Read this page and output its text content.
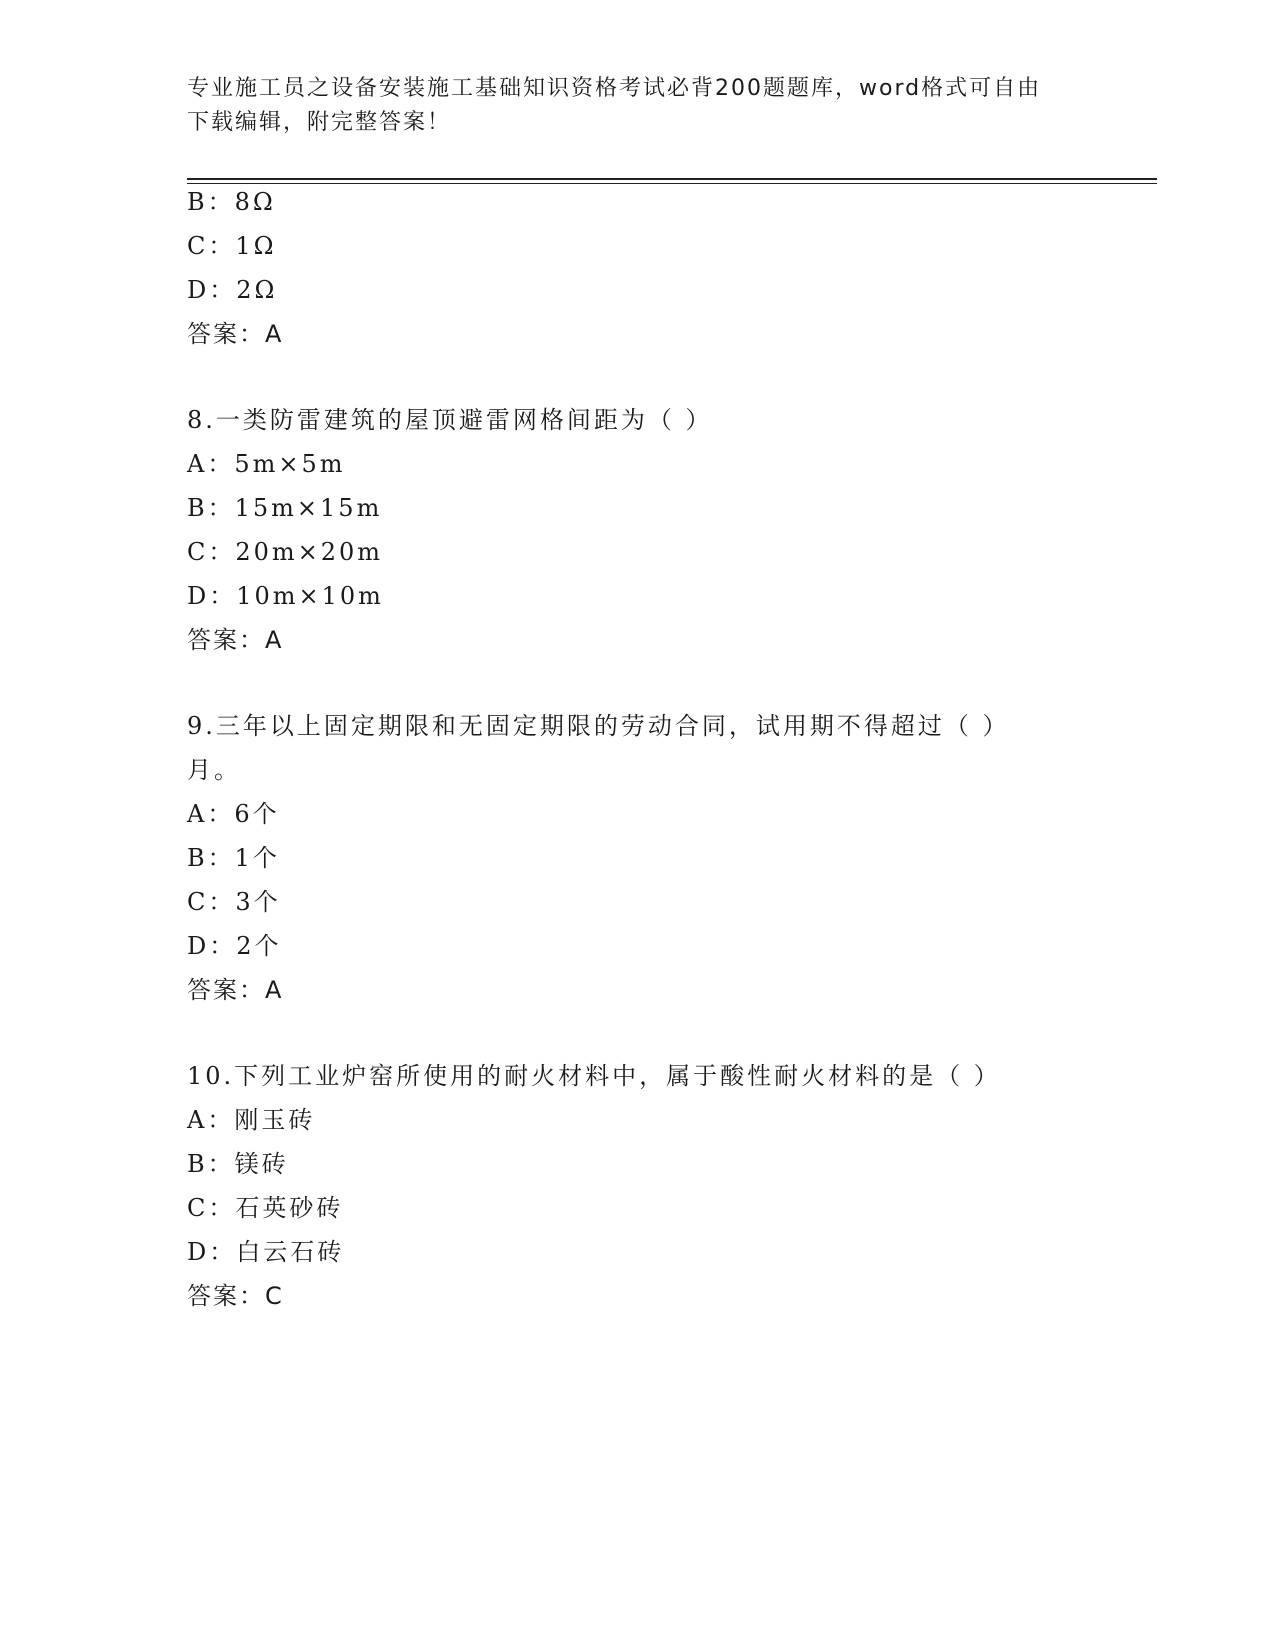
专业施工员之设备安装施工基础知识资格考试必背200题题库，word格式可自由
下载编辑，附完整答案！
B：8Ω
C：1Ω
D：2Ω
答案：A
8.一类防雷建筑的屋顶避雷网格间距为（ ）
A：5m×5m
B：15m×15m
C：20m×20m
D：10m×10m
答案：A
9.三年以上固定期限和无固定期限的劳动合同，试用期不得超过（ ）
月。
A：6个
B：1个
C：3个
D：2个
答案：A
10.下列工业炉窑所使用的耐火材料中，属于酸性耐火材料的是（ ）
A：刚玉砖
B：镁砖
C：石英砂砖
D：白云石砖
答案：C
